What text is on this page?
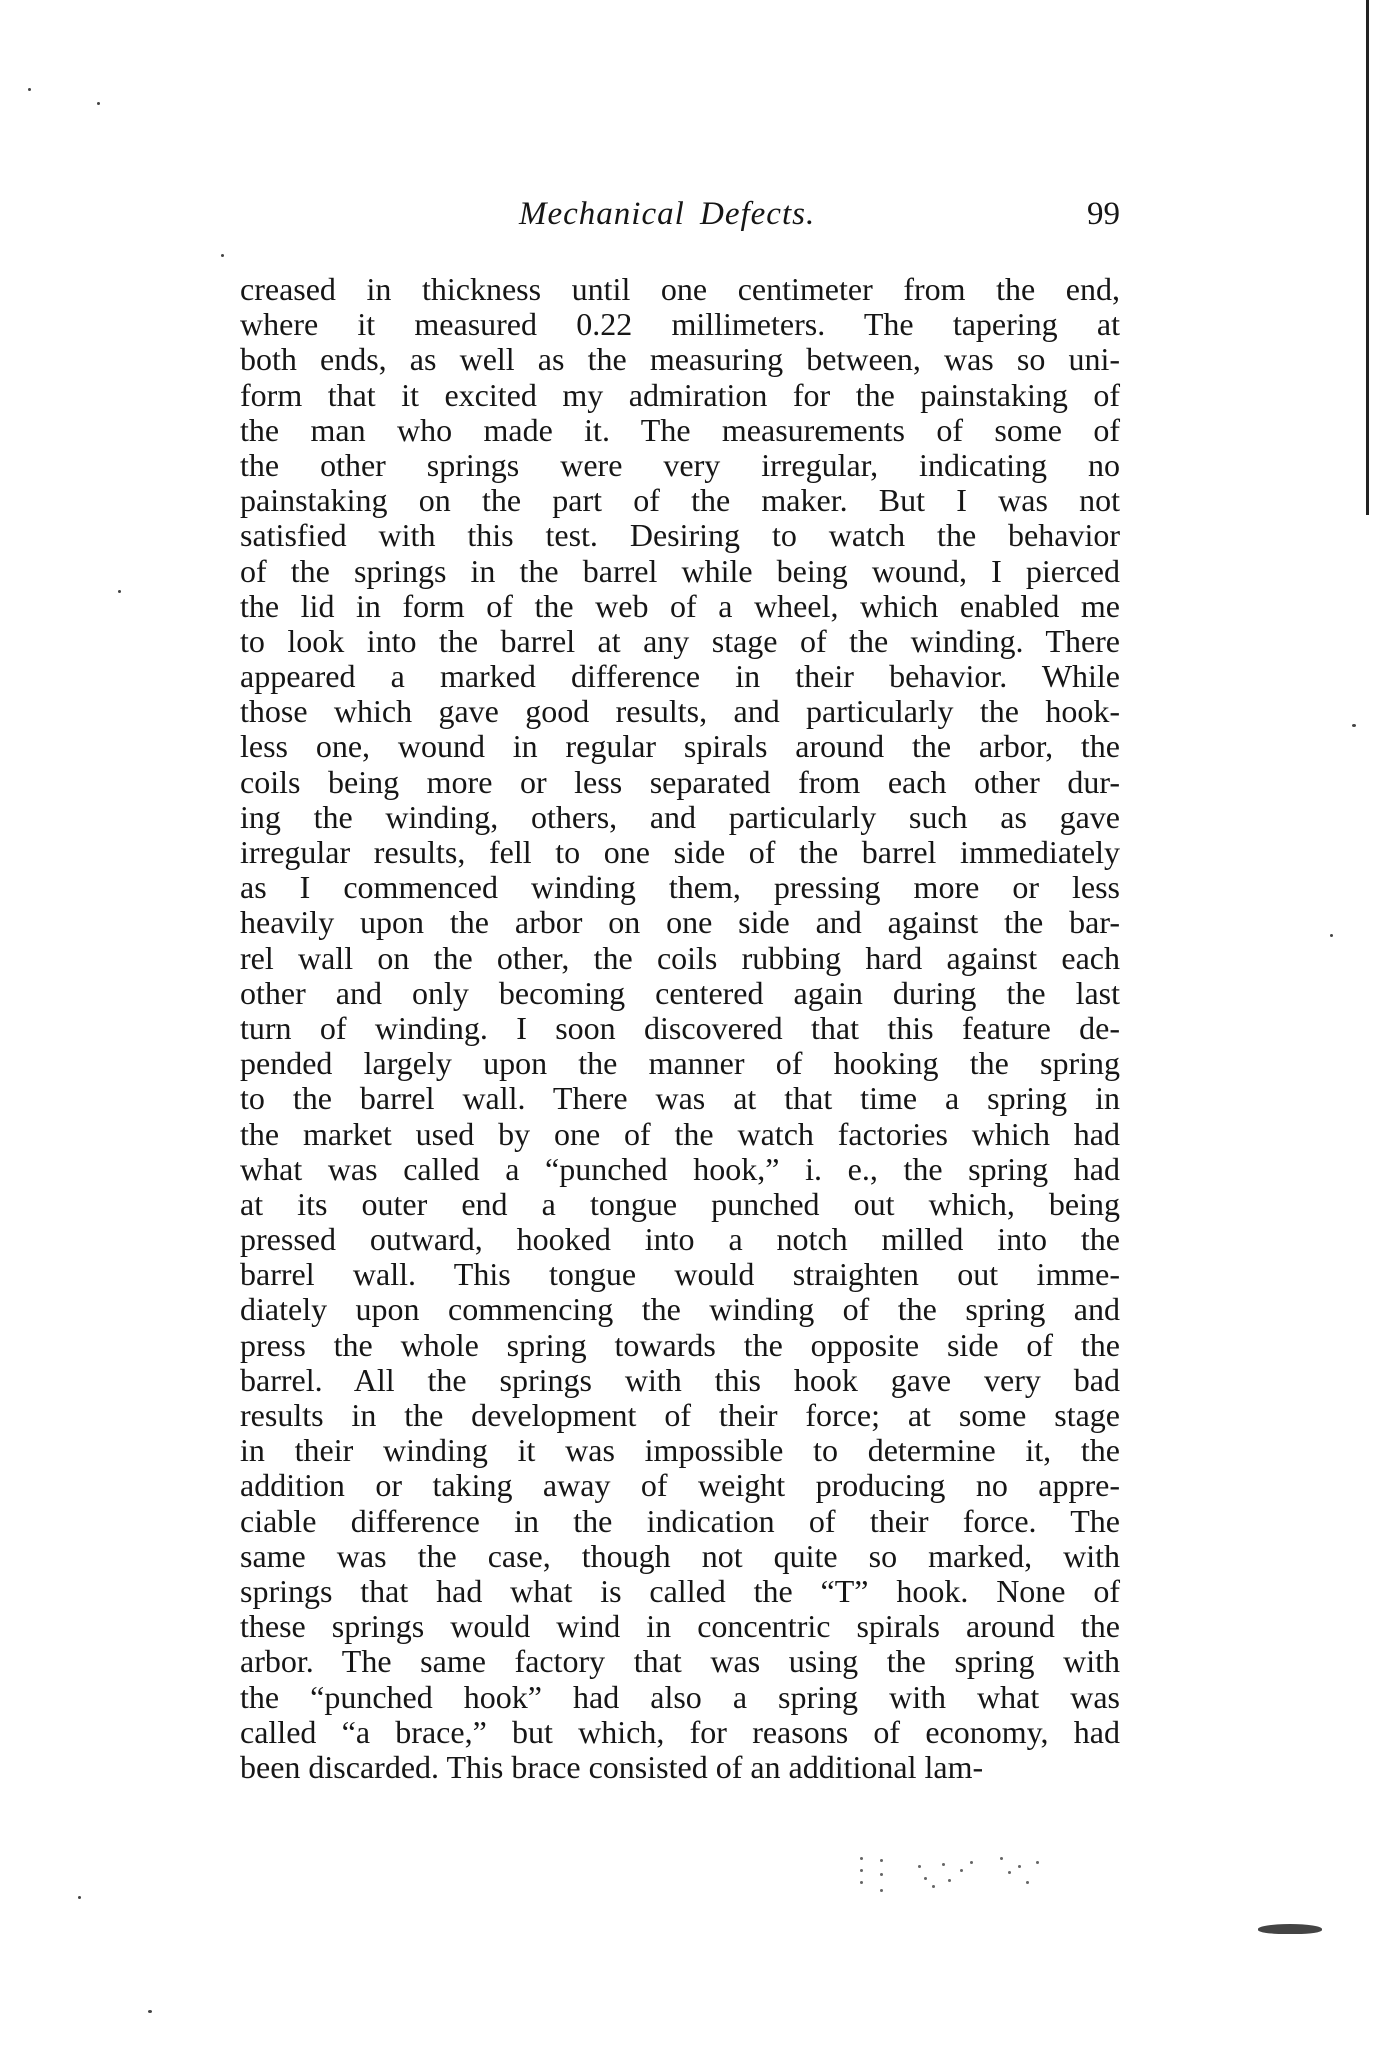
Mechanical Defects.	99
creased in thickness until one centimeter from the end,
where it measured 0.22 millimeters. The tapering at
both ends, as well as the measuring between, was so uni-
form that it excited my admiration for the painstaking of
the man who made it. The measurements of some of
the other springs were very irregular, indicating no
painstaking on the part of the maker. But I was not
satisfied with this test. Desiring to watch the behavior
of the springs in the barrel while being wound, I pierced
the lid in form of the web of a wheel, which enabled me
to look into the barrel at any stage of the winding. There
appeared a marked difference in their behavior. While
those which gave good results, and particularly the hook-
less one, wound in regular spirals around the arbor, the
coils being more or less separated from each other dur-
ing the winding, others, and particularly such as gave
irregular results, fell to one side of the barrel immediately
as I commenced winding them, pressing more or less
heavily upon the arbor on one side and against the bar-
rel wall on the other, the coils rubbing hard against each
other and only becoming centered again during the last
turn of winding. I soon discovered that this feature de-
pended largely upon the manner of hooking the spring
to the barrel wall. There was at that time a spring in
the market used by one of the watch factories which had
what was called a “punched hook,” i. e., the spring had
at its outer end a tongue punched out which, being
pressed outward, hooked into a notch milled into the
barrel wall. This tongue would straighten out imme-
diately upon commencing the winding of the spring and
press the whole spring towards the opposite side of the
barrel. All the springs with this hook gave very bad
results in the development of their force; at some stage
in their winding it was impossible to determine it, the
addition or taking away of weight producing no appre-
ciable difference in the indication of their force. The
same was the case, though not quite so marked, with
springs that had what is called the “T” hook. None of
these springs would wind in concentric spirals around the
arbor. The same factory that was using the spring with
the “punched hook” had also a spring with what was
called “a brace,” but which, for reasons of economy, had
been discarded. This brace consisted of an additional lam-
